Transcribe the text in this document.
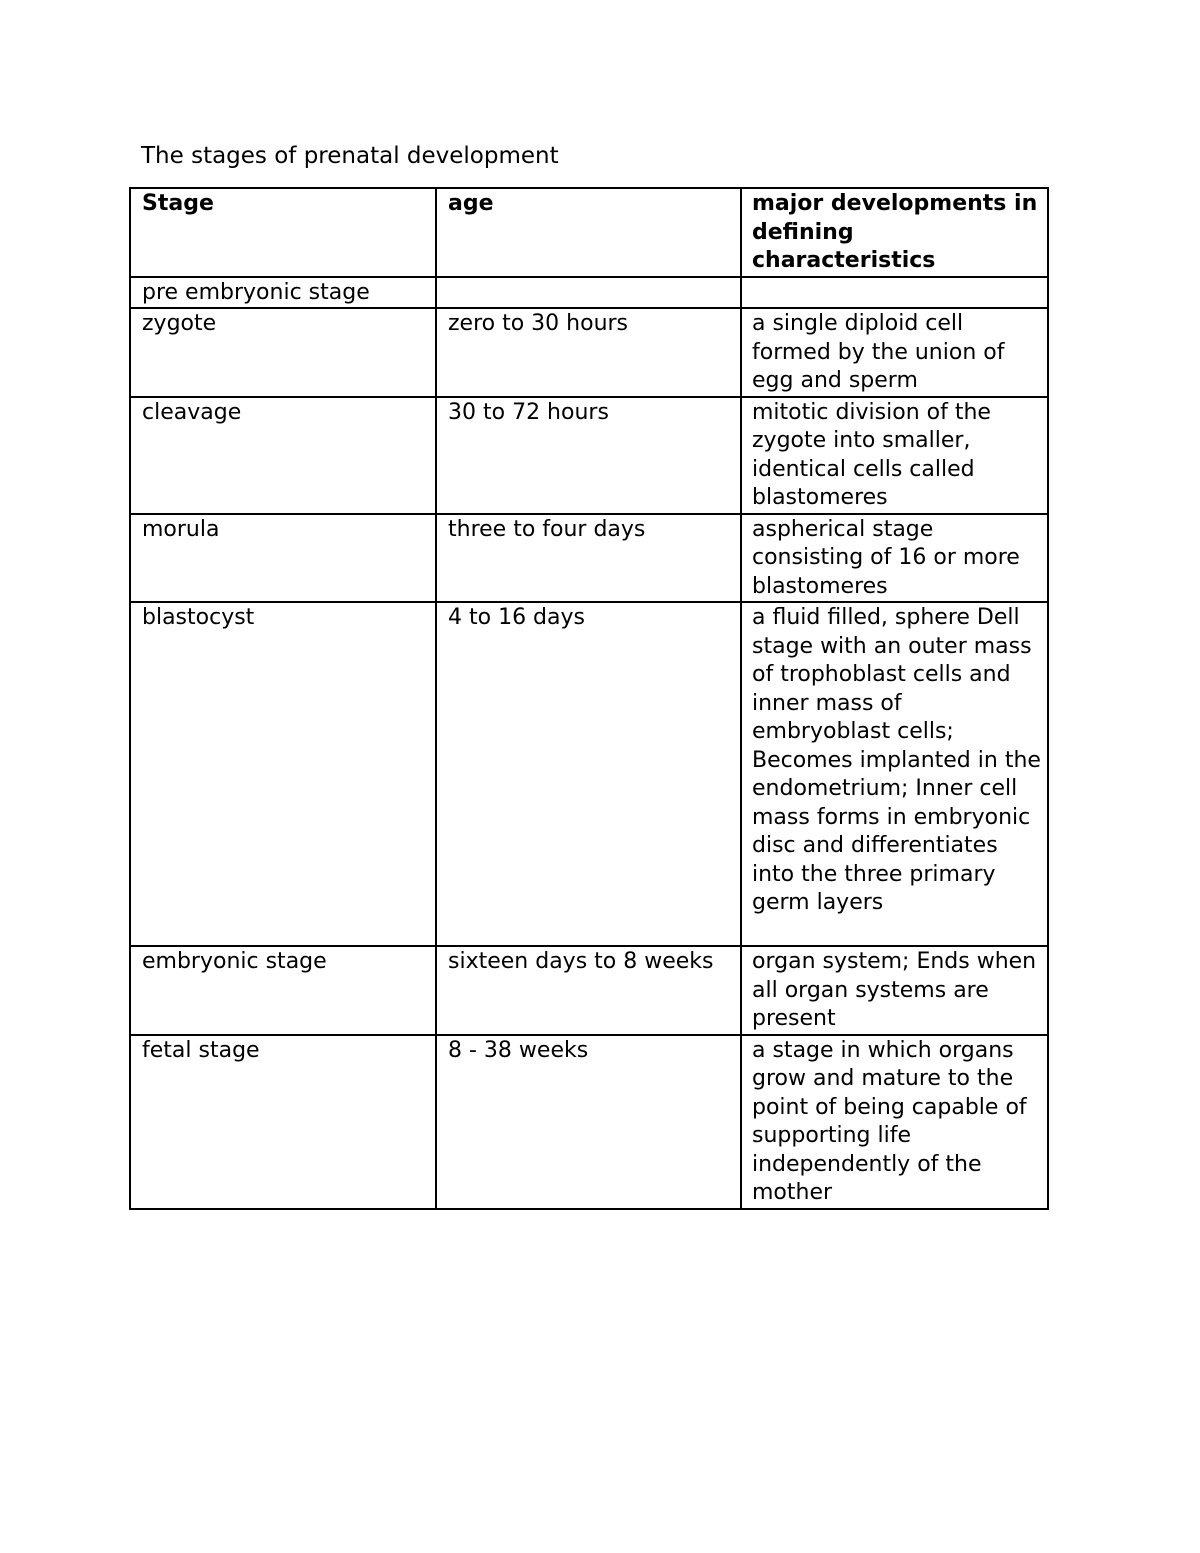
The stages of prenatal development
Stage	age	major developments in defining characteristics
pre embryonic stage		
zygote	zero to 30 hours	a single diploid cell formed by the union of egg and sperm
cleavage	30 to 72 hours	mitotic division of the zygote into smaller, identical cells called blastomeres
morula	three to four days	aspherical stage consisting of 16 or more blastomeres
blastocyst	4 to 16 days	a fluid filled, sphere Dell stage with an outer mass of trophoblast cells and inner mass of embryoblast cells; Becomes implanted in the endometrium; Inner cell mass forms in embryonic disc and differentiates into the three primary germ layers
embryonic stage	sixteen days to 8 weeks	organ system; Ends when all organ systems are present
fetal stage	8 - 38 weeks	a stage in which organs grow and mature to the point of being capable of supporting life independently of the mother
